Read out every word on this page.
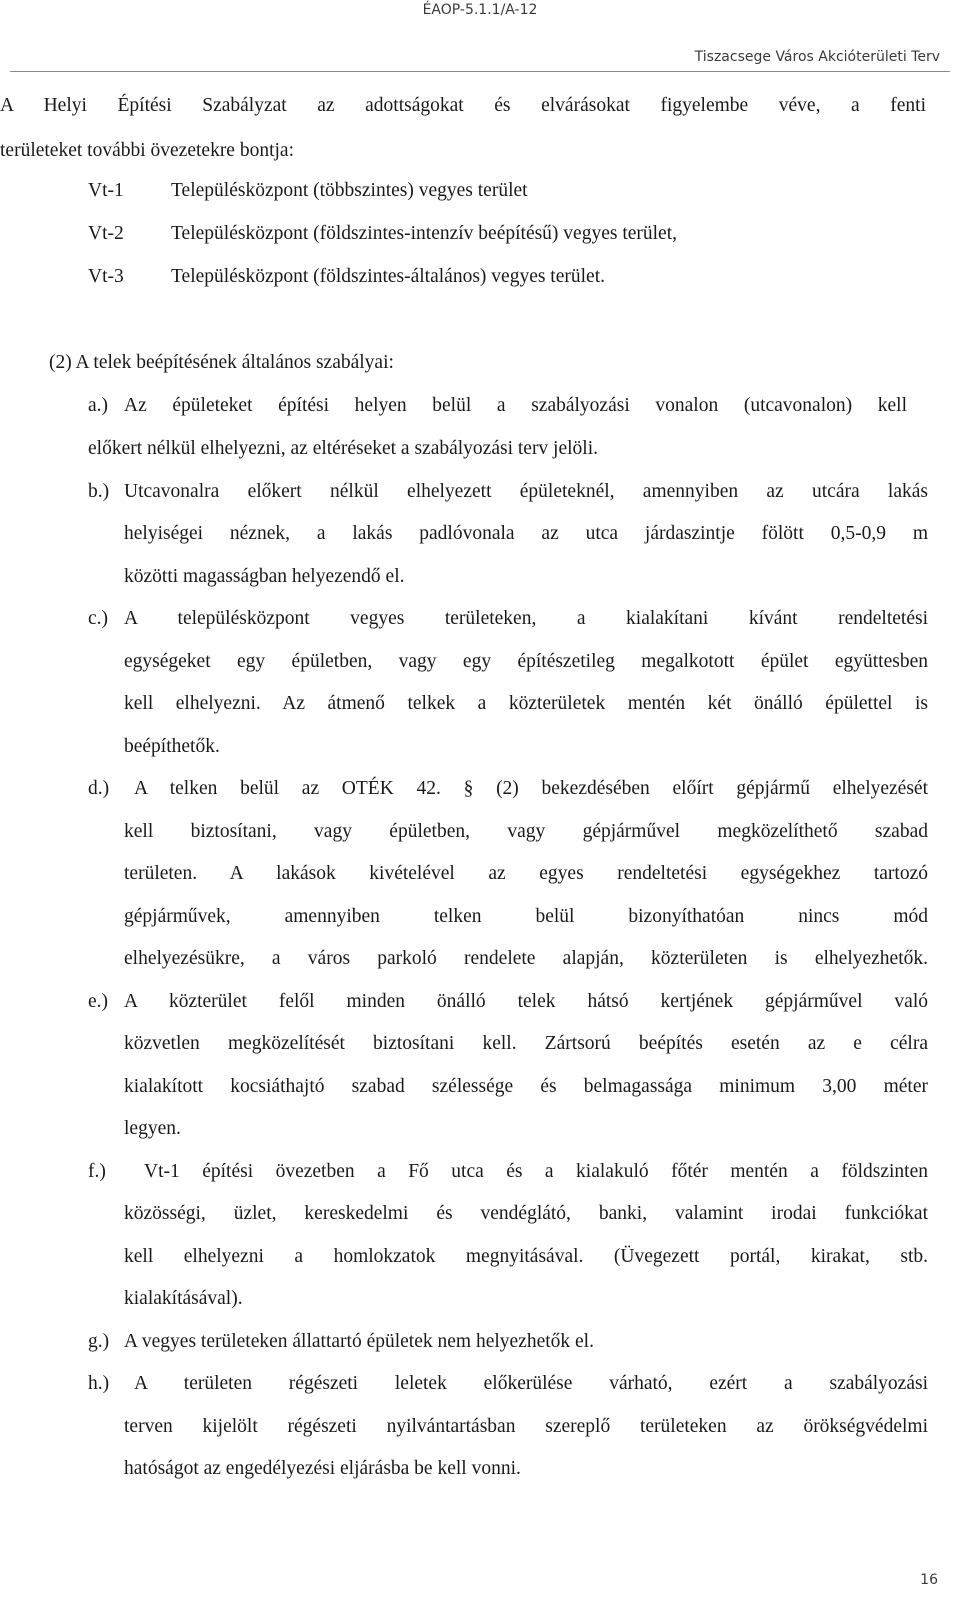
ÉAOP-5.1.1/A-12
Tiszacsege Város Akcióterületi Terv
A Helyi Építési Szabályzat az adottságokat és elvárásokat figyelembe véve, a fenti
területeket további övezetekre bontja:
Vt-1 Településközpont (többszintes) vegyes terület
Vt-2 Településközpont (földszintes-intenzív beépítésű) vegyes terület,
Vt-3 Településközpont (földszintes-általános) vegyes terület.
(2) A telek beépítésének általános szabályai:
a.) Az épületeket építési helyen belül a szabályozási vonalon (utcavonalon) kell
előkert nélkül elhelyezni, az eltéréseket a szabályozási terv jelöli.
b.) Utcavonalra előkert nélkül elhelyezett épületeknél, amennyiben az utcára lakás
helyiségei néznek, a lakás padlóvonala az utca járdaszintje fölött 0,5-0,9 m
közötti magasságban helyezendő el.
c.) A településközpont vegyes területeken, a kialakítani kívánt rendeltetési
egységeket egy épületben, vagy egy építészetileg megalkotott épület együttesben
kell elhelyezni. Az átmenő telkek a közterületek mentén két önálló épülettel is
beépíthetők.
d.) A telken belül az OTÉK 42. § (2) bekezdésében előírt gépjármű elhelyezését
kell biztosítani, vagy épületben, vagy gépjárművel megközelíthető szabad
területen. A lakások kivételével az egyes rendeltetési egységekhez tartozó
gépjárművek, amennyiben telken belül bizonyíthatóan nincs mód
elhelyezésükre, a város parkoló rendelete alapján, közterületen is elhelyezhetők.
e.) A közterület felől minden önálló telek hátsó kertjének gépjárművel való
közvetlen megközelítését biztosítani kell. Zártsorú beépítés esetén az e célra
kialakított kocsiáthajtó szabad szélessége és belmagassága minimum 3,00 méter
legyen.
f.) Vt-1 építési övezetben a Fő utca és a kialakuló főtér mentén a földszinten
közösségi, üzlet, kereskedelmi és vendéglátó, banki, valamint irodai funkciókat
kell elhelyezni a homlokzatok megnyitásával. (Üvegezett portál, kirakat, stb.
kialakításával).
g.) A vegyes területeken állattartó épületek nem helyezhetők el.
h.) A területen régészeti leletek előkerülése várható, ezért a szabályozási
terven kijelölt régészeti nyilvántartásban szereplő területeken az örökségvédelmi
hatóságot az engedélyezési eljárásba be kell vonni.
16
